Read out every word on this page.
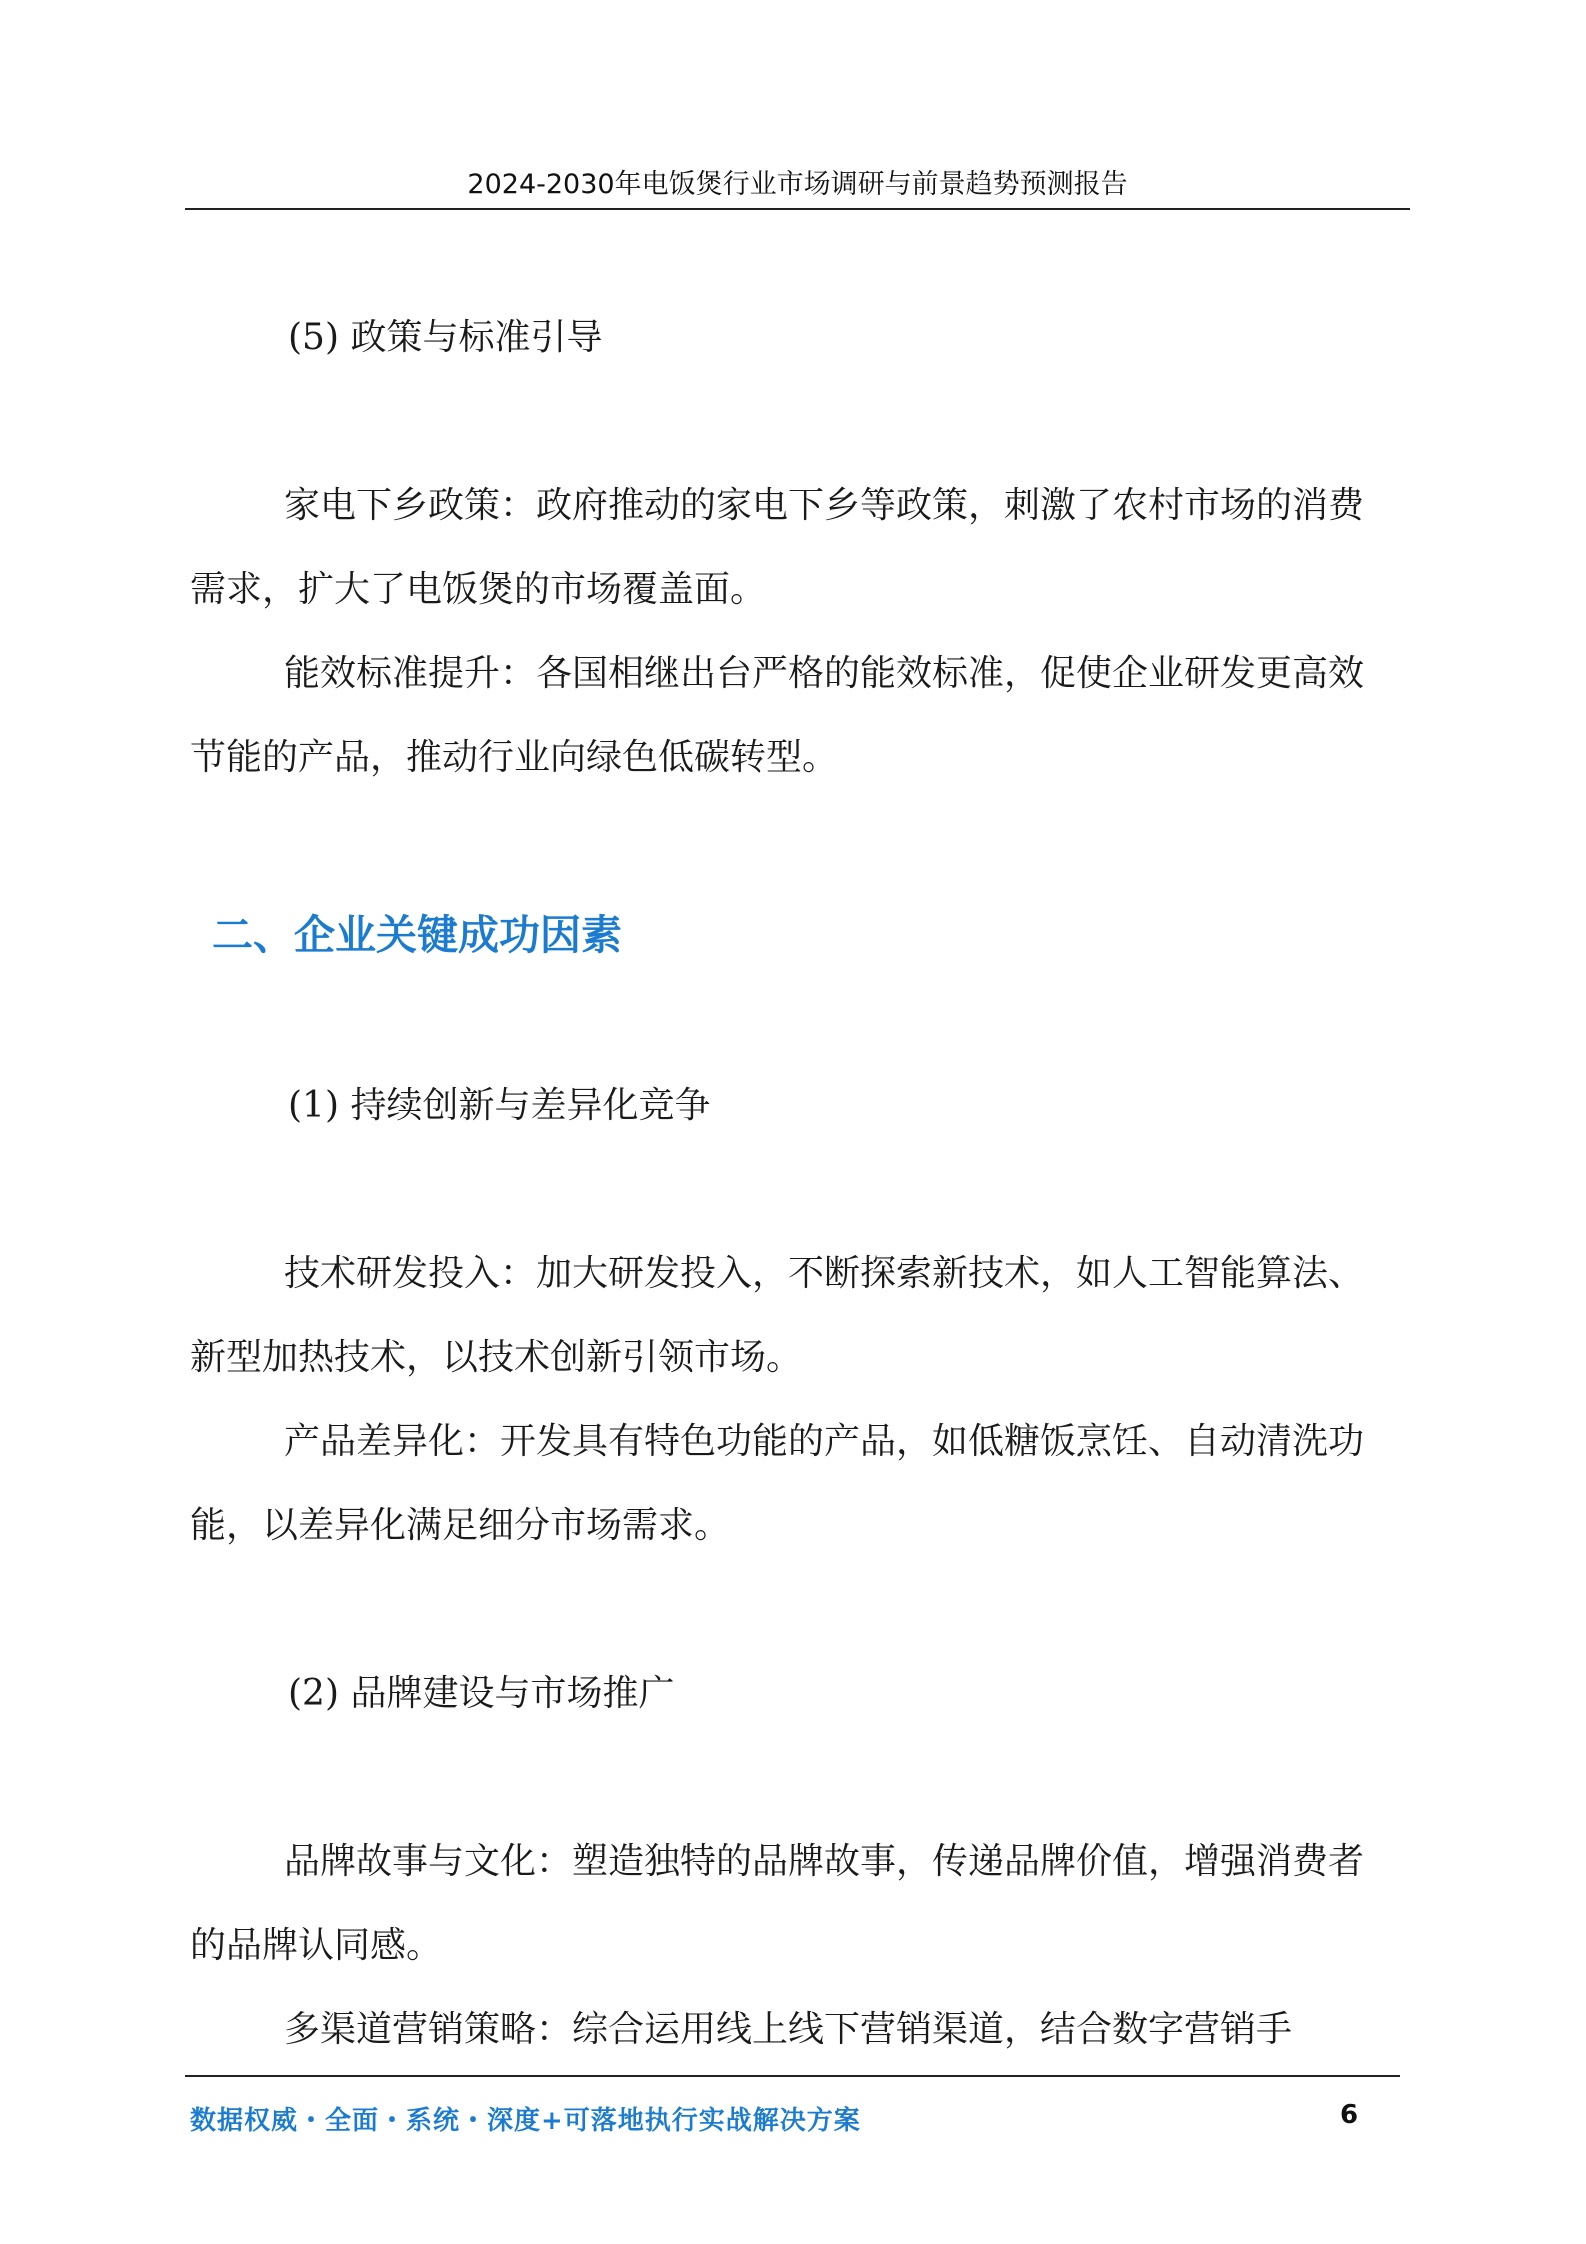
2024-2030年电饭煲行业市场调研与前景趋势预测报告
(5) 政策与标准引导

家电下乡政策：政府推动的家电下乡等政策，刺激了农村市场的消费需求，扩大了电饭煲的市场覆盖面。

能效标准提升：各国相继出台严格的能效标准，促使企业研发更高效节能的产品，推动行业向绿色低碳转型。

二、企业关键成功因素
(1) 持续创新与差异化竞争

技术研发投入：加大研发投入，不断探索新技术，如人工智能算法、新型加热技术，以技术创新引领市场。

产品差异化：开发具有特色功能的产品，如低糖饭烹饪、自动清洗功能，以差异化满足细分市场需求。

(2) 品牌建设与市场推广

品牌故事与文化：塑造独特的品牌故事，传递品牌价值，增强消费者的品牌认同感。

多渠道营销策略：综合运用线上线下营销渠道，结合数字营销手

数据权威・全面・系统・深度+可落地执行实战解决方案	6
